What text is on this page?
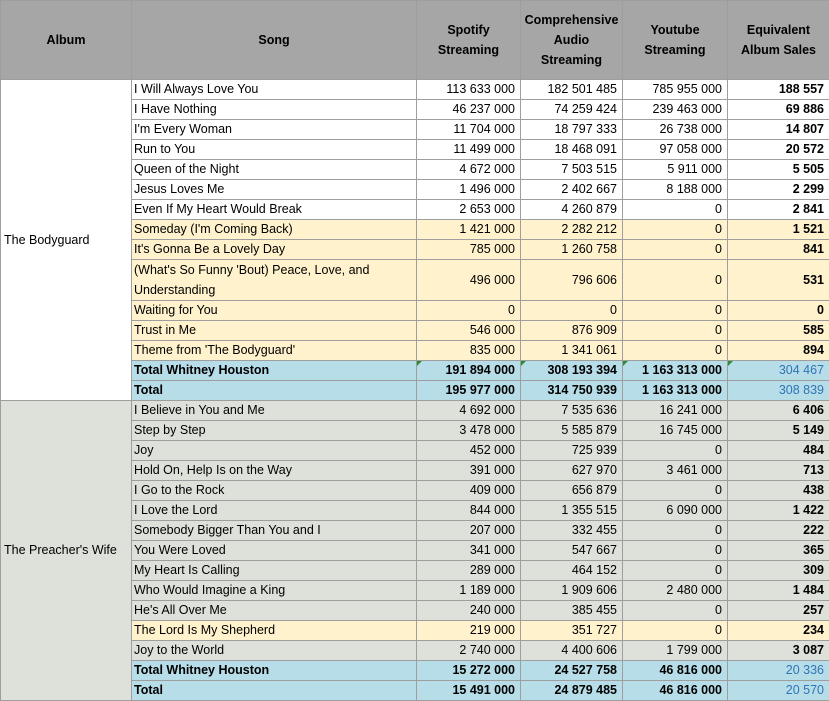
Album	Song	Spotify Streaming	Comprehensive Audio Streaming	Youtube Streaming	Equivalent Album Sales
The Bodyguard	I Will Always Love You	113 633 000	182 501 485	785 955 000	188 557
	I Have Nothing	46 237 000	74 259 424	239 463 000	69 886
	I'm Every Woman	11 704 000	18 797 333	26 738 000	14 807
	Run to You	11 499 000	18 468 091	97 058 000	20 572
	Queen of the Night	4 672 000	7 503 515	5 911 000	5 505
	Jesus Loves Me	1 496 000	2 402 667	8 188 000	2 299
	Even If My Heart Would Break	2 653 000	4 260 879	0	2 841
	Someday (I'm Coming Back)	1 421 000	2 282 212	0	1 521
	It's Gonna Be a Lovely Day	785 000	1 260 758	0	841
	(What's So Funny 'Bout) Peace, Love, and Understanding	496 000	796 606	0	531
	Waiting for You	0	0	0	0
	Trust in Me	546 000	876 909	0	585
	Theme from 'The Bodyguard'	835 000	1 341 061	0	894
	Total Whitney Houston	191 894 000	308 193 394	1 163 313 000	304 467
	Total	195 977 000	314 750 939	1 163 313 000	308 839
The Preacher's Wife	I Believe in You and Me	4 692 000	7 535 636	16 241 000	6 406
	Step by Step	3 478 000	5 585 879	16 745 000	5 149
	Joy	452 000	725 939	0	484
	Hold On, Help Is on the Way	391 000	627 970	3 461 000	713
	I Go to the Rock	409 000	656 879	0	438
	I Love the Lord	844 000	1 355 515	6 090 000	1 422
	Somebody Bigger Than You and I	207 000	332 455	0	222
	You Were Loved	341 000	547 667	0	365
	My Heart Is Calling	289 000	464 152	0	309
	Who Would Imagine a King	1 189 000	1 909 606	2 480 000	1 484
	He's All Over Me	240 000	385 455	0	257
	The Lord Is My Shepherd	219 000	351 727	0	234
	Joy to the World	2 740 000	4 400 606	1 799 000	3 087
	Total Whitney Houston	15 272 000	24 527 758	46 816 000	20 336
	Total	15 491 000	24 879 485	46 816 000	20 570
